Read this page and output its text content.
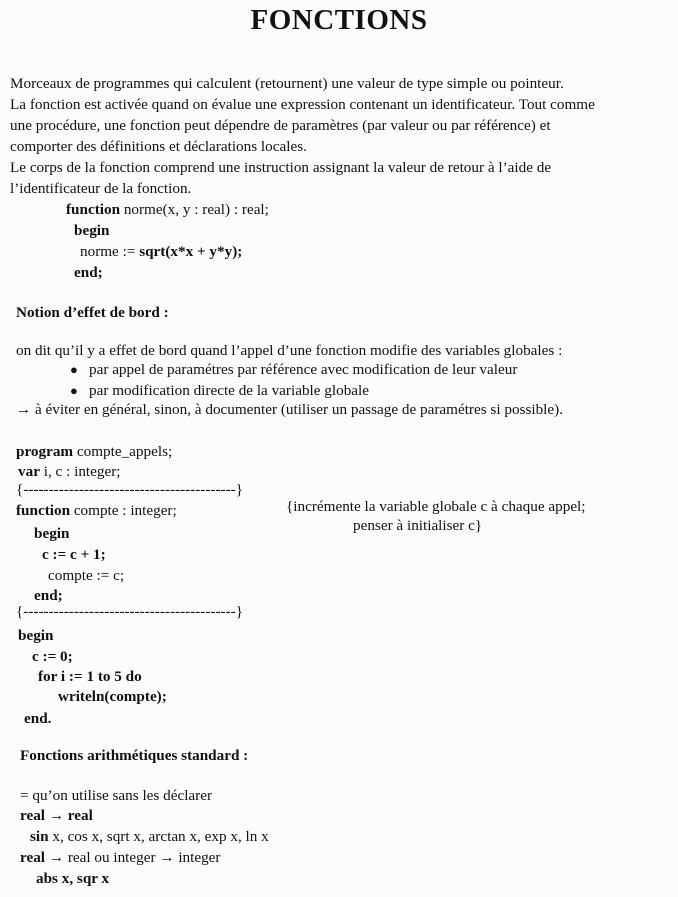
FONCTIONS
Morceaux de programmes qui calculent (retournent) une valeur de type simple ou pointeur.
La fonction est activée quand on évalue une expression contenant un identificateur. Tout comme
une procédure, une fonction peut dépendre de paramètres (par valeur ou par référence) et
comporter des définitions et déclarations locales.
Le corps de la fonction comprend une instruction assignant la valeur de retour à l’aide de
l’identificateur de la fonction.
function norme(x, y : real) : real;
begin
norme := sqrt(x*x + y*y);
end;
Notion d’effet de bord :
on dit qu’il y a effet de bord quand l’appel d’une fonction modifie des variables globales :
● par appel de paramétres par référence avec modification de leur valeur
● par modification directe de la variable globale
→ à éviter en général, sinon, à documenter (utiliser un passage de paramétres si possible).
program compte_appels;
var i, c : integer;
{------------------------------------------}
function compte : integer;	{incrémente la variable globale c à chaque appel;
penser à initialiser c}
begin
c := c + 1;
compte := c;
end;
{------------------------------------------}
begin
c := 0;
for i := 1 to 5 do
writeln(compte);
end.
Fonctions arithmétiques standard :
= qu’on utilise sans les déclarer
real → real
sin x, cos x, sqrt x, arctan x, exp x, ln x
real → real ou integer → integer
abs x, sqr x
